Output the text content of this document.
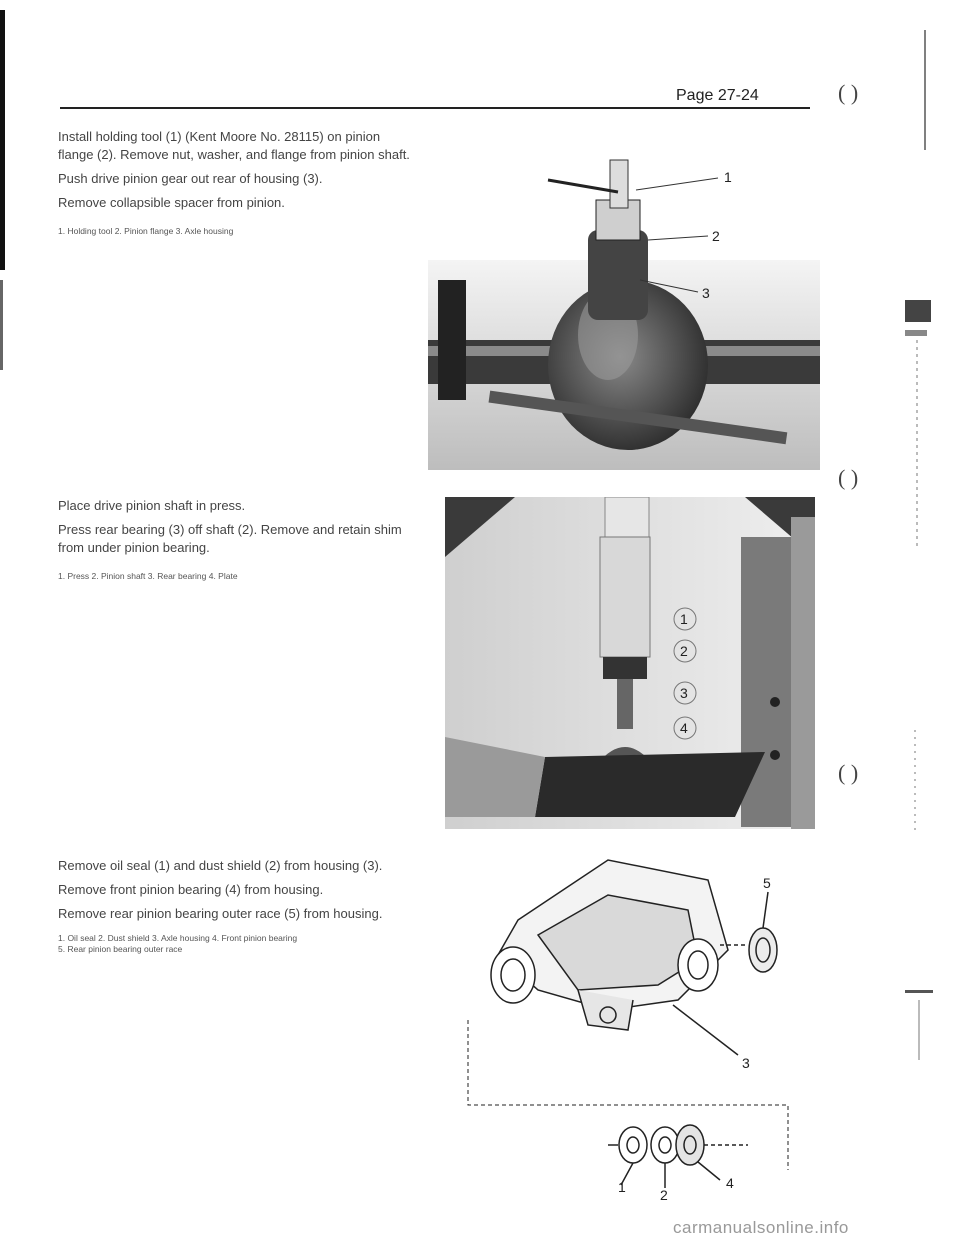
Page 27-24

Install holding tool (1) (Kent Moore No. 28115) on pinion flange (2). Remove nut, washer, and flange from pinion shaft.

Push drive pinion gear out rear of housing (3).

Remove collapsible spacer from pinion.

1. Holding tool 2. Pinion flange 3. Axle housing
1
2
3

Place drive pinion shaft in press.

Press rear bearing (3) off shaft (2). Remove and retain shim from under pinion bearing.

1. Press 2. Pinion shaft 3. Rear bearing 4. Plate
1
2
3
4

Remove oil seal (1) and dust shield (2) from housing (3).

Remove front pinion bearing (4) from housing.

Remove rear pinion bearing outer race (5) from housing.

1. Oil seal 2. Dust shield 3. Axle housing 4. Front pinion bearing
5. Rear pinion bearing outer race
5
3
1 2
4
( )
( )
( )
carmanualsonline.info
